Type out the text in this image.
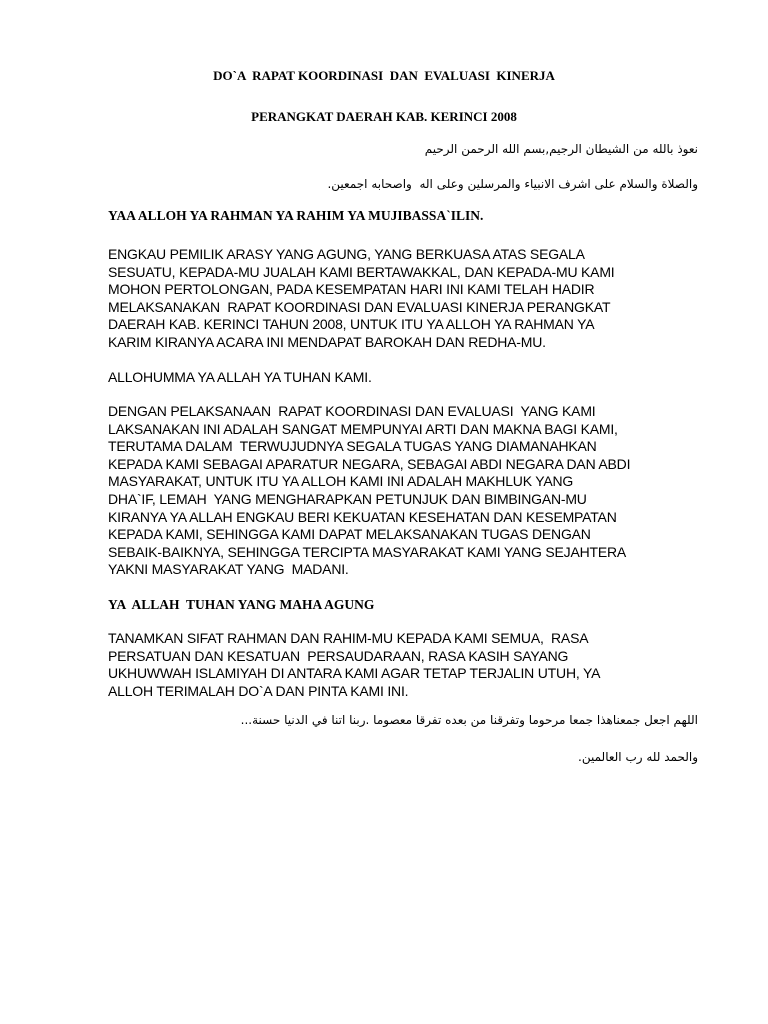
DO`A  RAPAT KOORDINASI  DAN  EVALUASI  KINERJA
PERANGKAT DAERAH KAB. KERINCI 2008
نعوذ بالله من الشيطان الرجيم,بسم الله الرحمن الرحيم
والصلاة والسلام على اشرف الانبياء والمرسلين وعلى اله  واصحابه اجمعين.
YAA ALLOH YA RAHMAN YA RAHIM YA MUJIBASSA`ILIN.
ENGKAU PEMILIK ARASY YANG AGUNG, YANG BERKUASA ATAS SEGALA
SESUATU, KEPADA-MU JUALAH KAMI BERTAWAKKAL, DAN KEPADA-MU KAMI
MOHON PERTOLONGAN, PADA KESEMPATAN HARI INI KAMI TELAH HADIR
MELAKSANAKAN  RAPAT KOORDINASI DAN EVALUASI KINERJA PERANGKAT
DAERAH KAB. KERINCI TAHUN 2008, UNTUK ITU YA ALLOH YA RAHMAN YA
KARIM KIRANYA ACARA INI MENDAPAT BAROKAH DAN REDHA-MU.
ALLOHUMMA YA ALLAH YA TUHAN KAMI.
DENGAN PELAKSANAAN  RAPAT KOORDINASI DAN EVALUASI  YANG KAMI
LAKSANAKAN INI ADALAH SANGAT MEMPUNYAI ARTI DAN MAKNA BAGI KAMI,
TERUTAMA DALAM  TERWUJUDNYA SEGALA TUGAS YANG DIAMANAHKAN
KEPADA KAMI SEBAGAI APARATUR NEGARA, SEBAGAI ABDI NEGARA DAN ABDI
MASYARAKAT, UNTUK ITU YA ALLOH KAMI INI ADALAH MAKHLUK YANG
DHA`IF, LEMAH  YANG MENGHARAPKAN PETUNJUK DAN BIMBINGAN-MU
KIRANYA YA ALLAH ENGKAU BERI KEKUATAN KESEHATAN DAN KESEMPATAN
KEPADA KAMI, SEHINGGA KAMI DAPAT MELAKSANAKAN TUGAS DENGAN
SEBAIK-BAIKNYA, SEHINGGA TERCIPTA MASYARAKAT KAMI YANG SEJAHTERA
YAKNI MASYARAKAT YANG  MADANI.
YA  ALLAH  TUHAN YANG MAHA AGUNG
TANAMKAN SIFAT RAHMAN DAN RAHIM-MU KEPADA KAMI SEMUA,  RASA
PERSATUAN DAN KESATUAN  PERSAUDARAAN, RASA KASIH SAYANG
UKHUWWAH ISLAMIYAH DI ANTARA KAMI AGAR TETAP TERJALIN UTUH, YA
ALLOH TERIMALAH DO`A DAN PINTA KAMI INI.
اللهم اجعل جمعناهذا جمعا مرحوما وتفرقنا من بعده تفرقا معصوما .ربنا اتنا في الدنيا حسنة...
والحمد لله رب العالمين.
